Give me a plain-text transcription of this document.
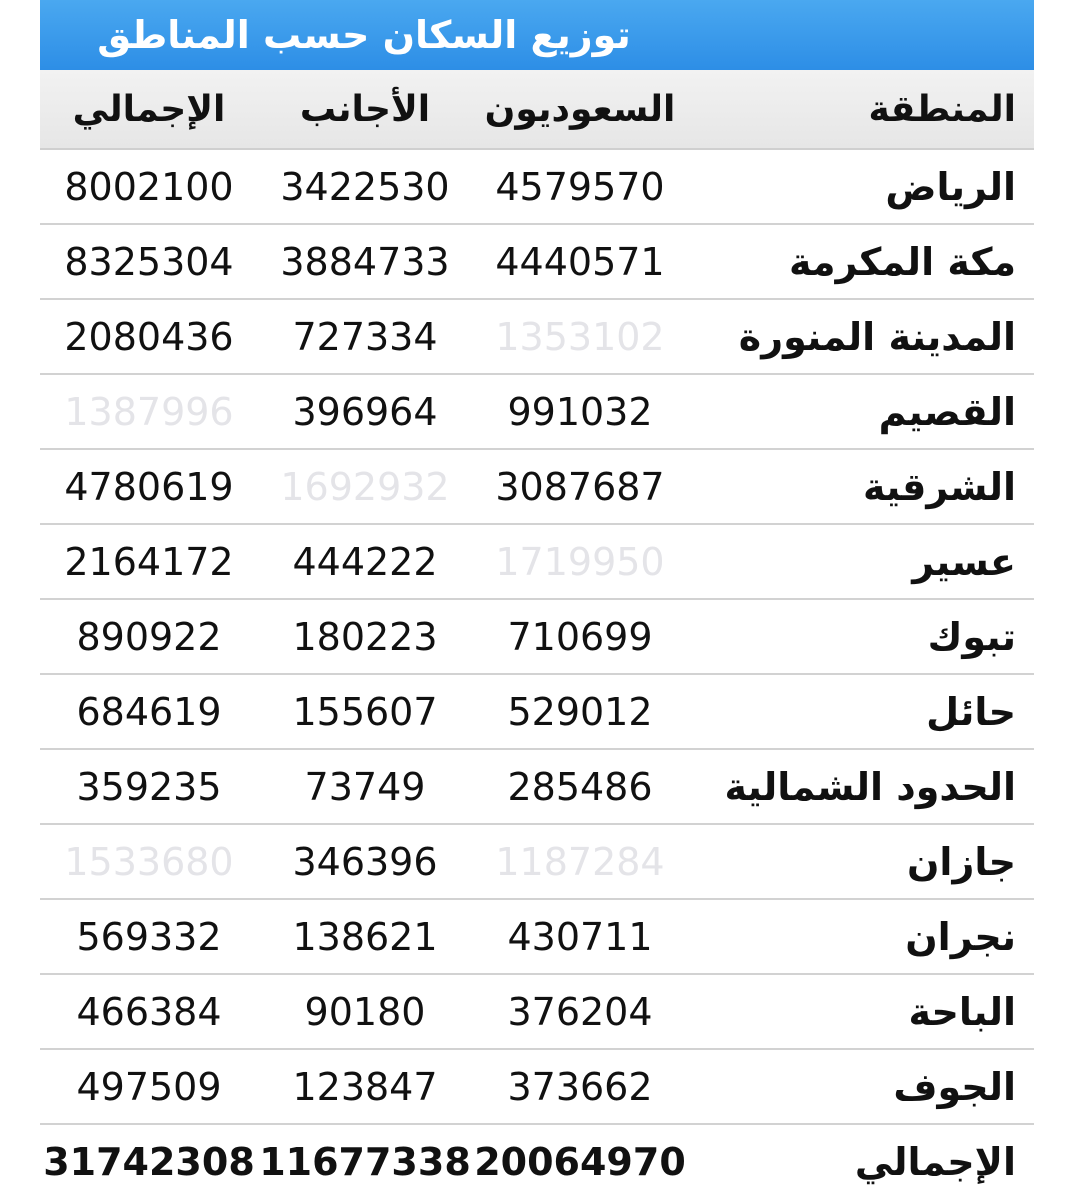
توزيع السكان حسب المناطق
الإجمالي	الأجانب	السعوديون	المنطقة
8002100	3422530	4579570	الرياض
8325304	3884733	4440571	مكة المكرمة
2080436	727334	1353102	المدينة المنورة
1387996	396964	991032	القصيم
4780619	1692932	3087687	الشرقية
2164172	444222	1719950	عسير
890922	180223	710699	تبوك
684619	155607	529012	حائل
359235	73749	285486	الحدود الشمالية
1533680	346396	1187284	جازان
569332	138621	430711	نجران
466384	90180	376204	الباحة
497509	123847	373662	الجوف
31742308 11677338 20064970	الإجمالي
